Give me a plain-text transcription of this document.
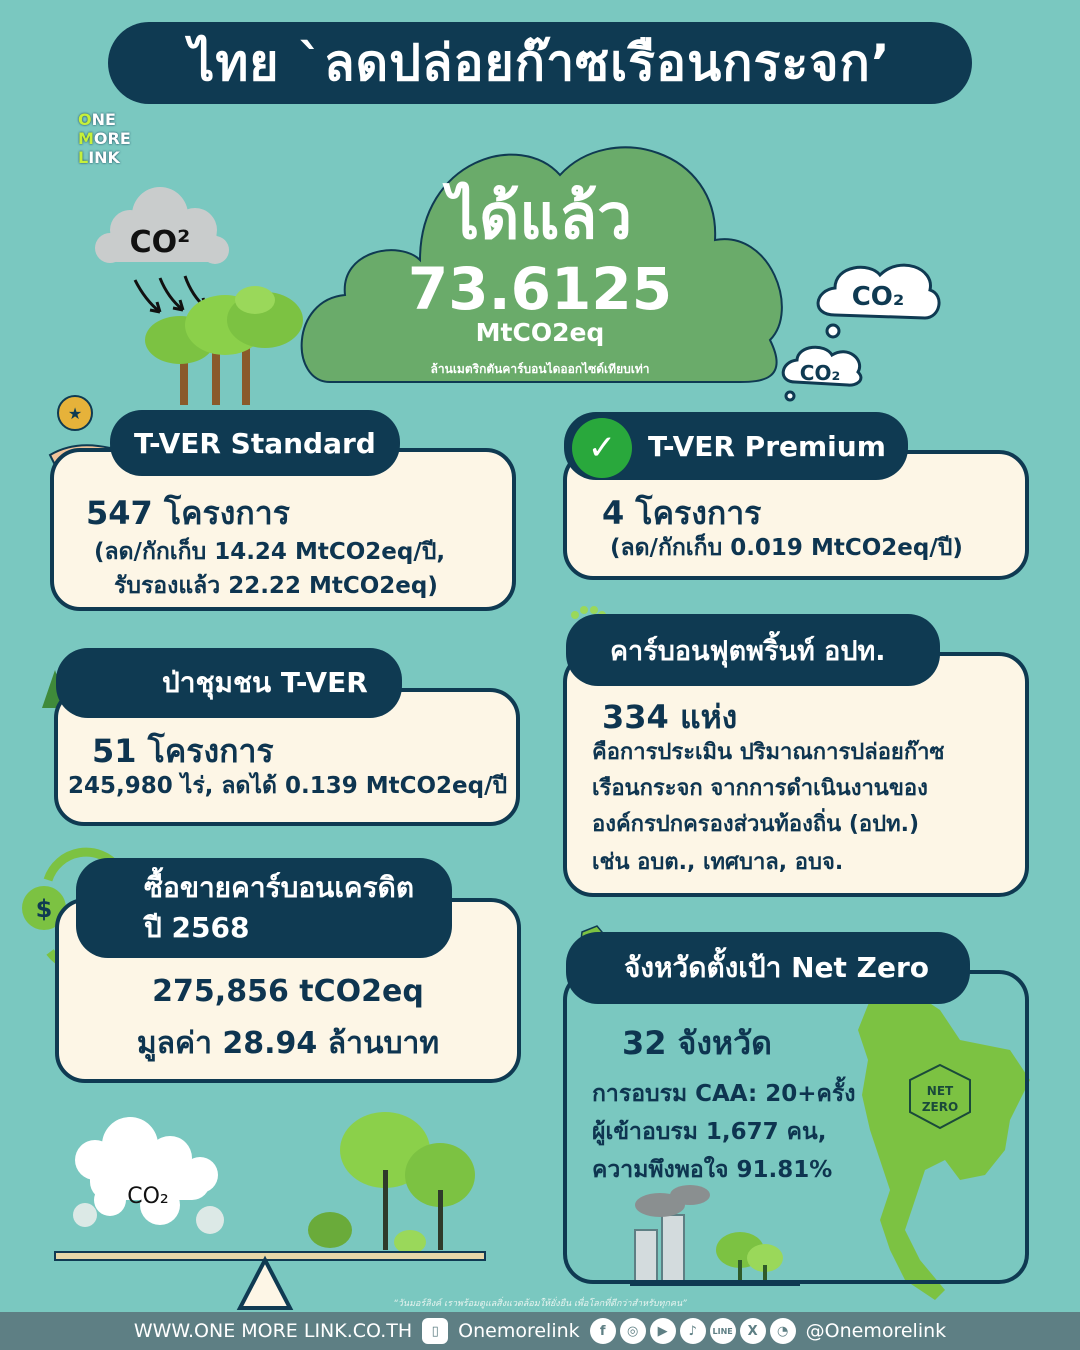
ไทย `ลดปล่อยก๊าซเรือนกระจก’
ONE
MORE
LINK
★
CO²
CO₂
CO₂
CO₂
$
NET
ZERO
ได้แล้ว
73.6125
MtCO2eq
ล้านเมตริกตันคาร์บอนไดออกไซด์เทียบเท่า
T-VER Standard
547 โครงการ
(ลด/กักเก็บ 14.24 MtCO2eq/ปี,
รับรองแล้ว 22.22 MtCO2eq)
T-VER Premium
✓
4 โครงการ
(ลด/กักเก็บ 0.019 MtCO2eq/ปี)
ป่าชุมชน T-VER
51 โครงการ
245,980 ไร่, ลดได้ 0.139 MtCO2eq/ปี
คาร์บอนฟุตพริ้นท์ อปท.
334 แห่ง
คือการประเมิน ปริมาณการปล่อยก๊าซ
เรือนกระจก จากการดำเนินงานของ
องค์กรปกครองส่วนท้องถิ่น (อปท.)
เช่น อบต., เทศบาล, อบจ.
ซื้อขายคาร์บอนเครดิต
ปี 2568
275,856 tCO2eq
มูลค่า 28.94 ล้านบาท
จังหวัดตั้งเป้า Net Zero
32 จังหวัด
การอบรม CAA: 20+ครั้ง
ผู้เข้าอบรม 1,677 คน,
ความพึงพอใจ 91.81%
“วันมอร์ลิงค์ เราพร้อมดูแลสิ่งแวดล้อมให้ยั่งยืน เพื่อโลกที่ดีกว่าสำหรับทุกคน”
WWW.ONE MORE LINK.CO.TH	▯	Onemorelink	f	◎	▶	♪	LINE	X	◔ @Onemorelink
